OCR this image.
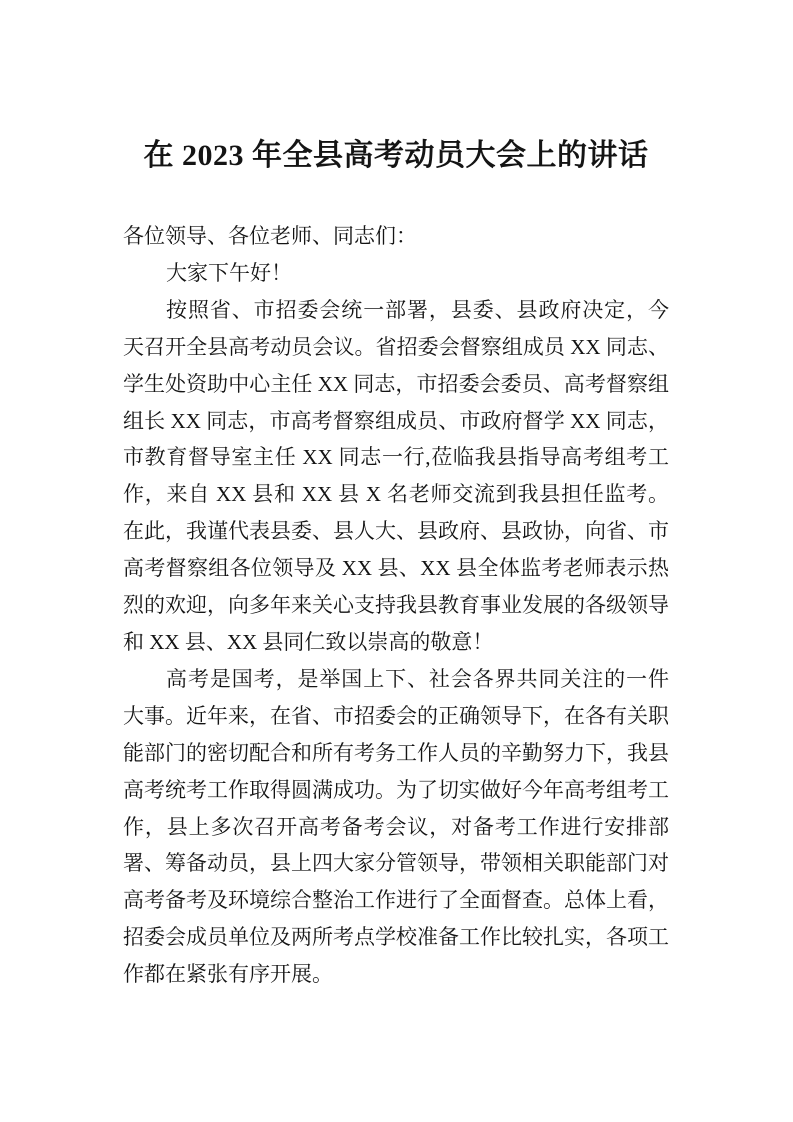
在 2023 年全县高考动员大会上的讲话

各位领导、各位老师、同志们：

大家下午好！

按照省、市招委会统一部署，县委、县政府决定，今天召开全县高考动员会议。省招委会督察组成员 XX 同志、学生处资助中心主任 XX 同志，市招委会委员、高考督察组组长 XX 同志，市高考督察组成员、市政府督学 XX 同志，市教育督导室主任 XX 同志一行,莅临我县指导高考组考工作，来自 XX 县和 XX 县 X 名老师交流到我县担任监考。在此，我谨代表县委、县人大、县政府、县政协，向省、市高考督察组各位领导及 XX 县、XX 县全体监考老师表示热烈的欢迎，向多年来关心支持我县教育事业发展的各级领导和 XX 县、XX 县同仁致以崇高的敬意！

高考是国考，是举国上下、社会各界共同关注的一件大事。近年来，在省、市招委会的正确领导下，在各有关职能部门的密切配合和所有考务工作人员的辛勤努力下，我县高考统考工作取得圆满成功。为了切实做好今年高考组考工作，县上多次召开高考备考会议，对备考工作进行安排部署、筹备动员，县上四大家分管领导，带领相关职能部门对高考备考及环境综合整治工作进行了全面督查。总体上看，招委会成员单位及两所考点学校准备工作比较扎实，各项工作都在紧张有序开展。
